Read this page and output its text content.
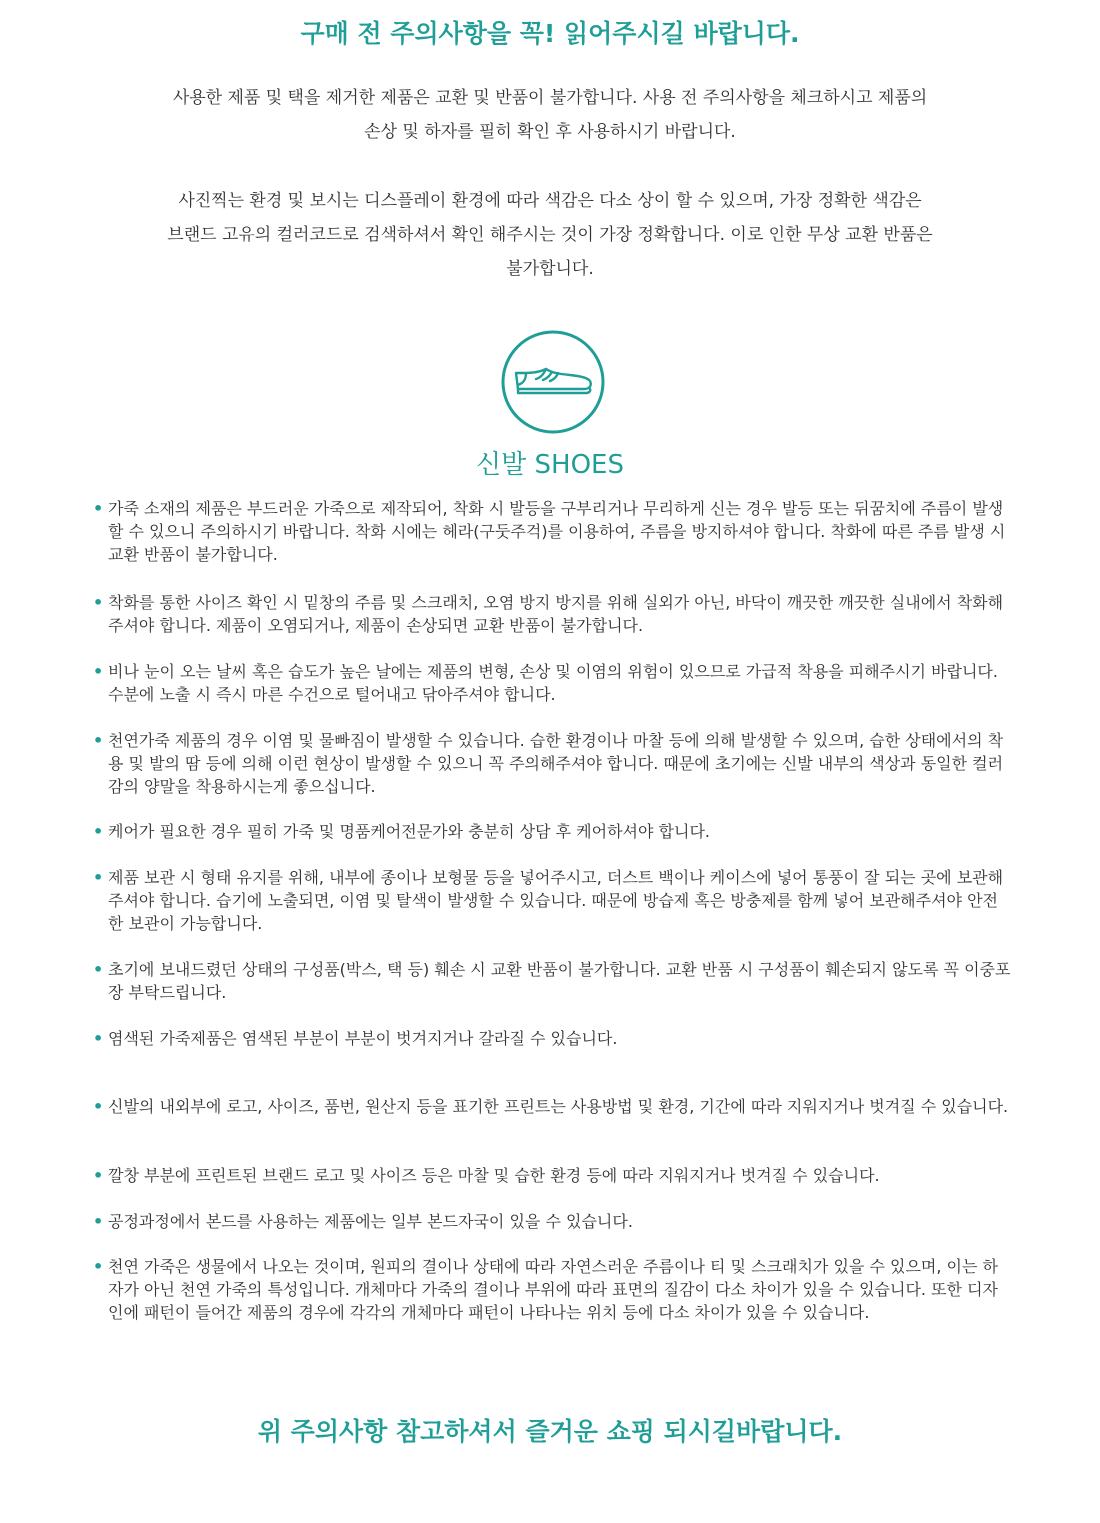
구매 전 주의사항을 꼭! 읽어주시길 바랍니다.
사용한 제품 및 택을 제거한 제품은 교환 및 반품이 불가합니다. 사용 전 주의사항을 체크하시고 제품의
손상 및 하자를 필히 확인 후 사용하시기 바랍니다.
사진찍는 환경 및 보시는 디스플레이 환경에 따라 색감은 다소 상이 할 수 있으며, 가장 정확한 색감은
브랜드 고유의 컬러코드로 검색하셔서 확인 해주시는 것이 가장 정확합니다. 이로 인한 무상 교환 반품은
불가합니다.
신발 SHOES
• 가죽 소재의 제품은 부드러운 가죽으로 제작되어, 착화 시 발등을 구부리거나 무리하게 신는 경우 발등 또는 뒤꿈치에 주름이 발생할 수 있으니 주의하시기 바랍니다. 착화 시에는 헤라(구둣주걱)를 이용하여, 주름을 방지하셔야 합니다. 착화에 따른 주름 발생 시 교환 반품이 불가합니다.
• 착화를 통한 사이즈 확인 시 밑창의 주름 및 스크래치, 오염 방지 방지를 위해 실외가 아닌, 바닥이 깨끗한 깨끗한 실내에서 착화해주셔야 합니다. 제품이 오염되거나, 제품이 손상되면 교환 반품이 불가합니다.
• 비나 눈이 오는 날씨 혹은 습도가 높은 날에는 제품의 변형, 손상 및 이염의 위험이 있으므로 가급적 착용을 피해주시기 바랍니다. 수분에 노출 시 즉시 마른 수건으로 털어내고 닦아주셔야 합니다.
• 천연가죽 제품의 경우 이염 및 물빠짐이 발생할 수 있습니다. 습한 환경이나 마찰 등에 의해 발생할 수 있으며, 습한 상태에서의 착용 및 발의 땀 등에 의해 이런 현상이 발생할 수 있으니 꼭 주의해주셔야 합니다. 때문에 초기에는 신발 내부의 색상과 동일한 컬러감의 양말을 착용하시는게 좋으십니다.
• 케어가 필요한 경우 필히 가죽 및 명품케어전문가와 충분히 상담 후 케어하셔야 합니다.
• 제품 보관 시 형태 유지를 위해, 내부에 종이나 보형물 등을 넣어주시고, 더스트 백이나 케이스에 넣어 통풍이 잘 되는 곳에 보관해주셔야 합니다. 습기에 노출되면, 이염 및 탈색이 발생할 수 있습니다. 때문에 방습제 혹은 방충제를 함께 넣어 보관해주셔야 안전한 보관이 가능합니다.
• 초기에 보내드렸던 상태의 구성품(박스, 택 등) 훼손 시 교환 반품이 불가합니다. 교환 반품 시 구성품이 훼손되지 않도록 꼭 이중포장 부탁드립니다.
• 염색된 가죽제품은 염색된 부분이 부분이 벗겨지거나 갈라질 수 있습니다.
• 신발의 내외부에 로고, 사이즈, 품번, 원산지 등을 표기한 프린트는 사용방법 및 환경, 기간에 따라 지워지거나 벗겨질 수 있습니다.
• 깔창 부분에 프린트된 브랜드 로고 및 사이즈 등은 마찰 및 습한 환경 등에 따라 지워지거나 벗겨질 수 있습니다.
• 공정과정에서 본드를 사용하는 제품에는 일부 본드자국이 있을 수 있습니다.
• 천연 가죽은 생물에서 나오는 것이며, 원피의 결이나 상태에 따라 자연스러운 주름이나 티 및 스크래치가 있을 수 있으며, 이는 하자가 아닌 천연 가죽의 특성입니다. 개체마다 가죽의 결이나 부위에 따라 표면의 질감이 다소 차이가 있을 수 있습니다. 또한 디자인에 패턴이 들어간 제품의 경우에 각각의 개체마다 패턴이 나타나는 위치 등에 다소 차이가 있을 수 있습니다.
위 주의사항 참고하셔서 즐거운 쇼핑 되시길바랍니다.
